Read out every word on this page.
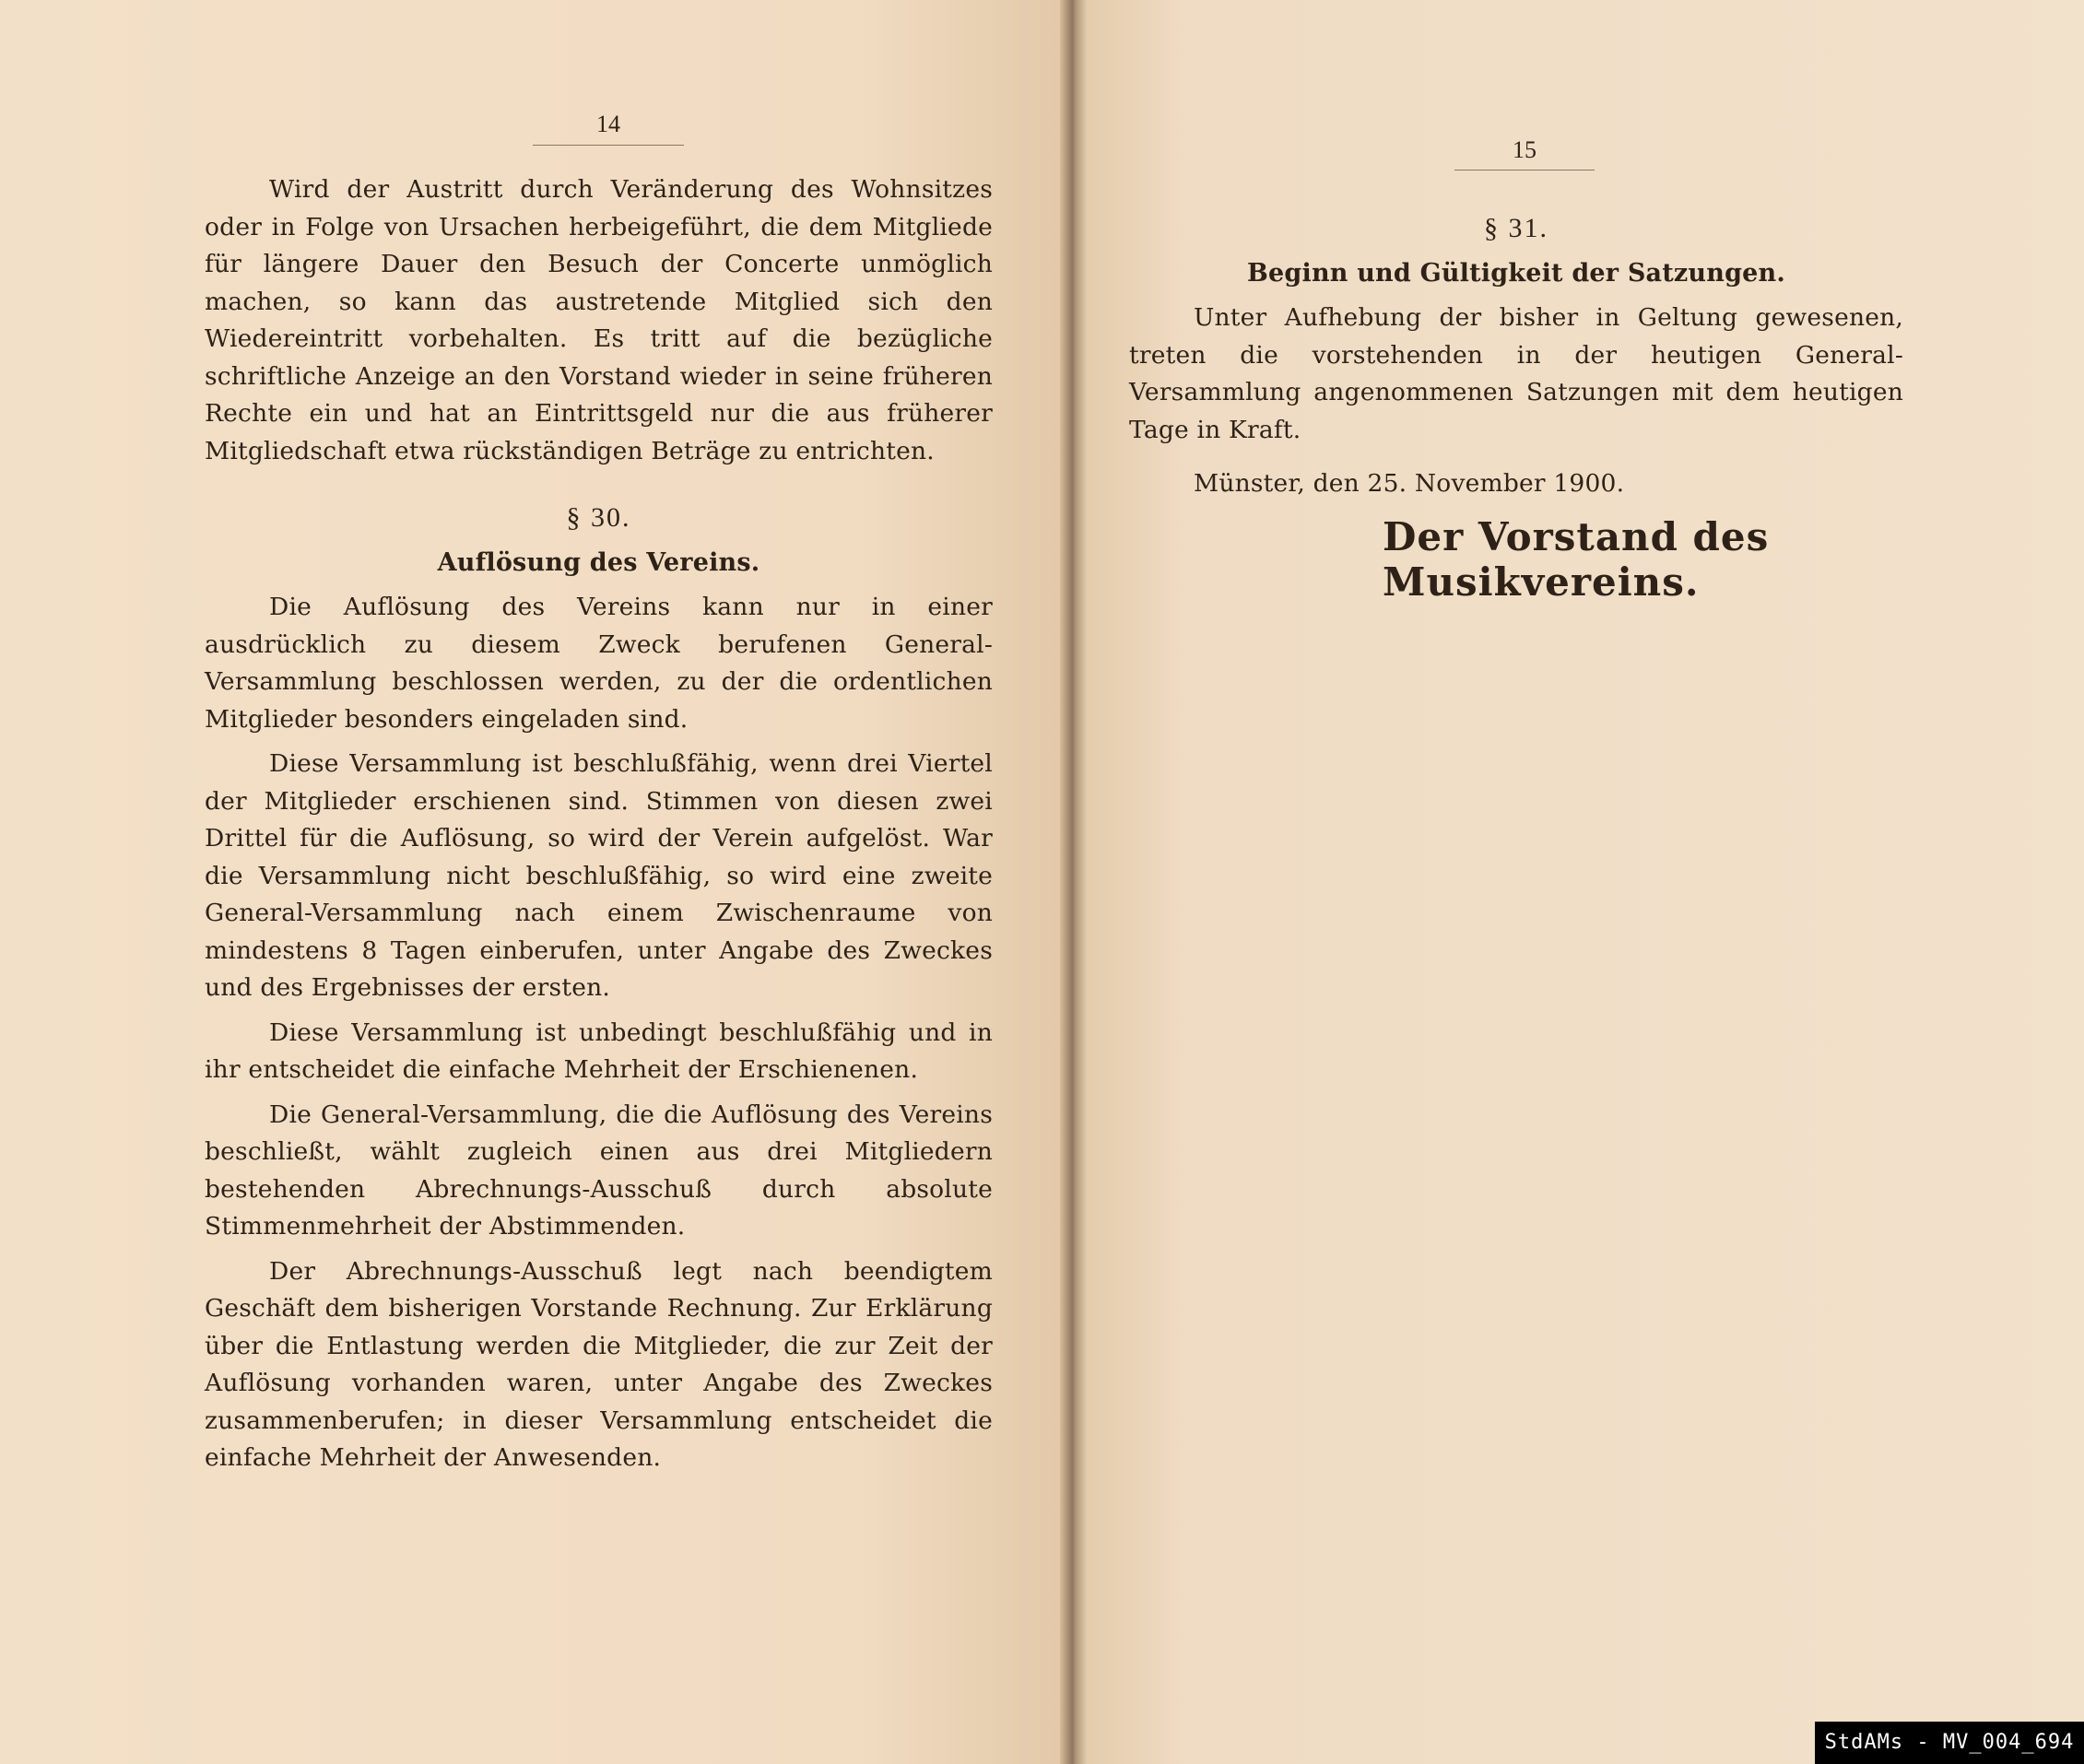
14

Wird der Austritt durch Veränderung des Wohnsitzes oder in Folge von Ursachen herbeigeführt, die dem Mitgliede für längere Dauer den Besuch der Concerte unmöglich machen, so kann das austretende Mitglied sich den Wiedereintritt vorbehalten. Es tritt auf die bezügliche schriftliche Anzeige an den Vorstand wieder in seine früheren Rechte ein und hat an Eintrittsgeld nur die aus früherer Mitgliedschaft etwa rückständigen Beträge zu entrichten.

§ 30.
Auflösung des Vereins.

Die Auflösung des Vereins kann nur in einer ausdrücklich zu diesem Zweck berufenen General-Versammlung beschlossen werden, zu der die ordentlichen Mitglieder besonders eingeladen sind.

Diese Versammlung ist beschlußfähig, wenn drei Viertel der Mitglieder erschienen sind. Stimmen von diesen zwei Drittel für die Auflösung, so wird der Verein aufgelöst. War die Versammlung nicht beschlußfähig, so wird eine zweite General-Versammlung nach einem Zwischenraume von mindestens 8 Tagen einberufen, unter Angabe des Zweckes und des Ergebnisses der ersten.

Diese Versammlung ist unbedingt beschlußfähig und in ihr entscheidet die einfache Mehrheit der Erschienenen.

Die General-Versammlung, die die Auflösung des Vereins beschließt, wählt zugleich einen aus drei Mitgliedern bestehenden Abrechnungs-Ausschuß durch absolute Stimmenmehrheit der Abstimmenden.

Der Abrechnungs-Ausschuß legt nach beendigtem Geschäft dem bisherigen Vorstande Rechnung. Zur Erklärung über die Entlastung werden die Mitglieder, die zur Zeit der Auflösung vorhanden waren, unter Angabe des Zweckes zusammenberufen; in dieser Versammlung entscheidet die einfache Mehrheit der Anwesenden.

15
§ 31.
Beginn und Gültigkeit der Satzungen.

Unter Aufhebung der bisher in Geltung gewesenen, treten die vorstehenden in der heutigen General-Versammlung angenommenen Satzungen mit dem heutigen Tage in Kraft.

Münster, den 25. November 1900.

Der Vorstand des Musikvereins.
StdAMs - MV_004_694
